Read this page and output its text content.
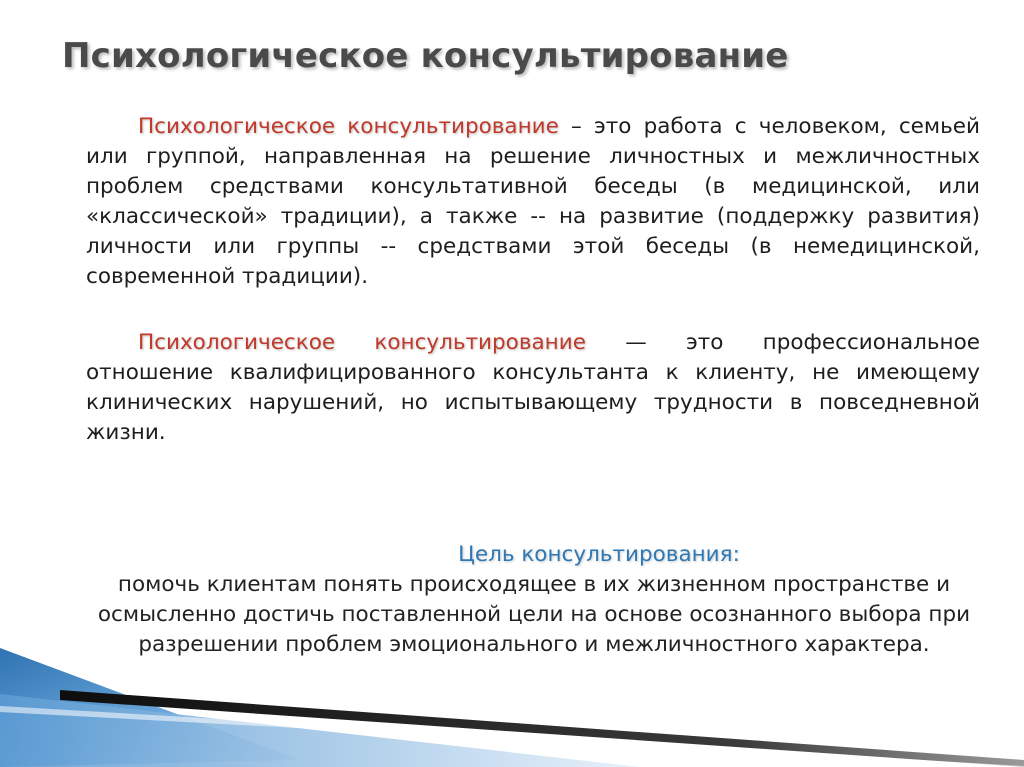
Психологическое консультирование

Психологическое консультирование – это работа с человеком, семьей или группой, направленная на решение личностных и межличностных проблем средствами консультативной беседы (в медицинской, или «классической» традиции), а также -- на развитие (поддержку развития) личности или группы -- средствами этой беседы (в немедицинской, современной традиции).

Психологическое консультирование — это профессиональное отношение квалифицированного консультанта к клиенту, не имеющему клинических нарушений, но испытывающему трудности в повседневной жизни.

Цель консультирования:
помочь клиентам понять происходящее в их жизненном пространстве и осмысленно достичь поставленной цели на основе осознанного выбора при разрешении проблем эмоционального и межличностного характера.
